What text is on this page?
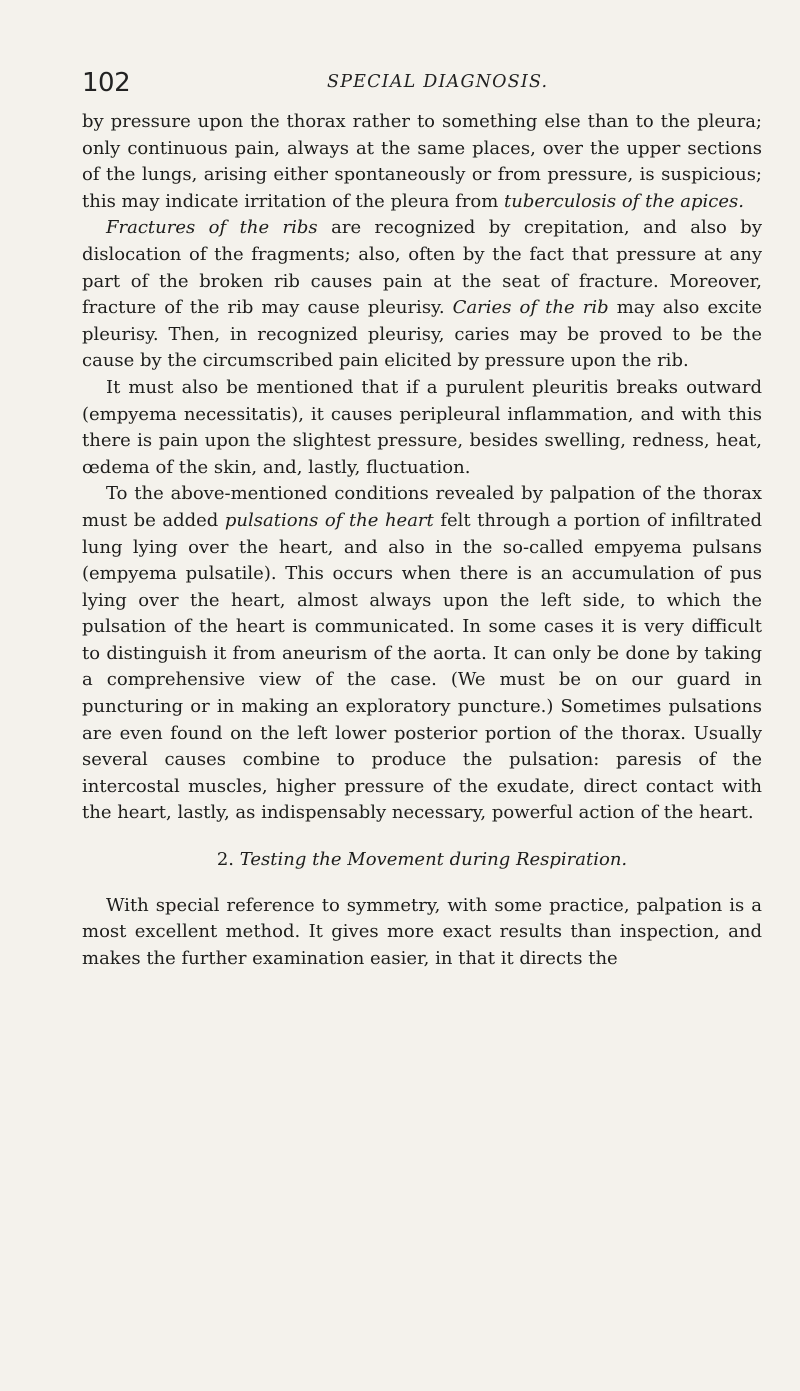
102	SPECIAL DIAGNOSIS.

by pressure upon the thorax rather to something else than to the pleura; only continuous pain, always at the same places, over the upper sections of the lungs, arising either spontaneously or from pressure, is suspicious; this may indicate irritation of the pleura from tuberculosis of the apices.

Fractures of the ribs are recognized by crepitation, and also by dislocation of the fragments; also, often by the fact that pressure at any part of the broken rib causes pain at the seat of fracture. Moreover, fracture of the rib may cause pleurisy. Caries of the rib may also excite pleurisy. Then, in recognized pleurisy, caries may be proved to be the cause by the circumscribed pain elicited by pressure upon the rib.

It must also be mentioned that if a purulent pleuritis breaks outward (empyema necessitatis), it causes peripleural inflammation, and with this there is pain upon the slightest pressure, besides swelling, redness, heat, œdema of the skin, and, lastly, fluctuation.

To the above-mentioned conditions revealed by palpation of the thorax must be added pulsations of the heart felt through a portion of infiltrated lung lying over the heart, and also in the so-called empyema pulsans (empyema pulsatile). This occurs when there is an accumulation of pus lying over the heart, almost always upon the left side, to which the pulsation of the heart is communicated. In some cases it is very difficult to distinguish it from aneurism of the aorta. It can only be done by taking a comprehensive view of the case. (We must be on our guard in puncturing or in making an exploratory puncture.) Sometimes pulsations are even found on the left lower posterior portion of the thorax. Usually several causes combine to produce the pulsation: paresis of the intercostal muscles, higher pressure of the exudate, direct contact with the heart, lastly, as indispensably necessary, powerful action of the heart.

2. Testing the Movement during Respiration.

With special reference to symmetry, with some practice, palpation is a most excellent method. It gives more exact results than inspection, and makes the further examination easier, in that it directs the
